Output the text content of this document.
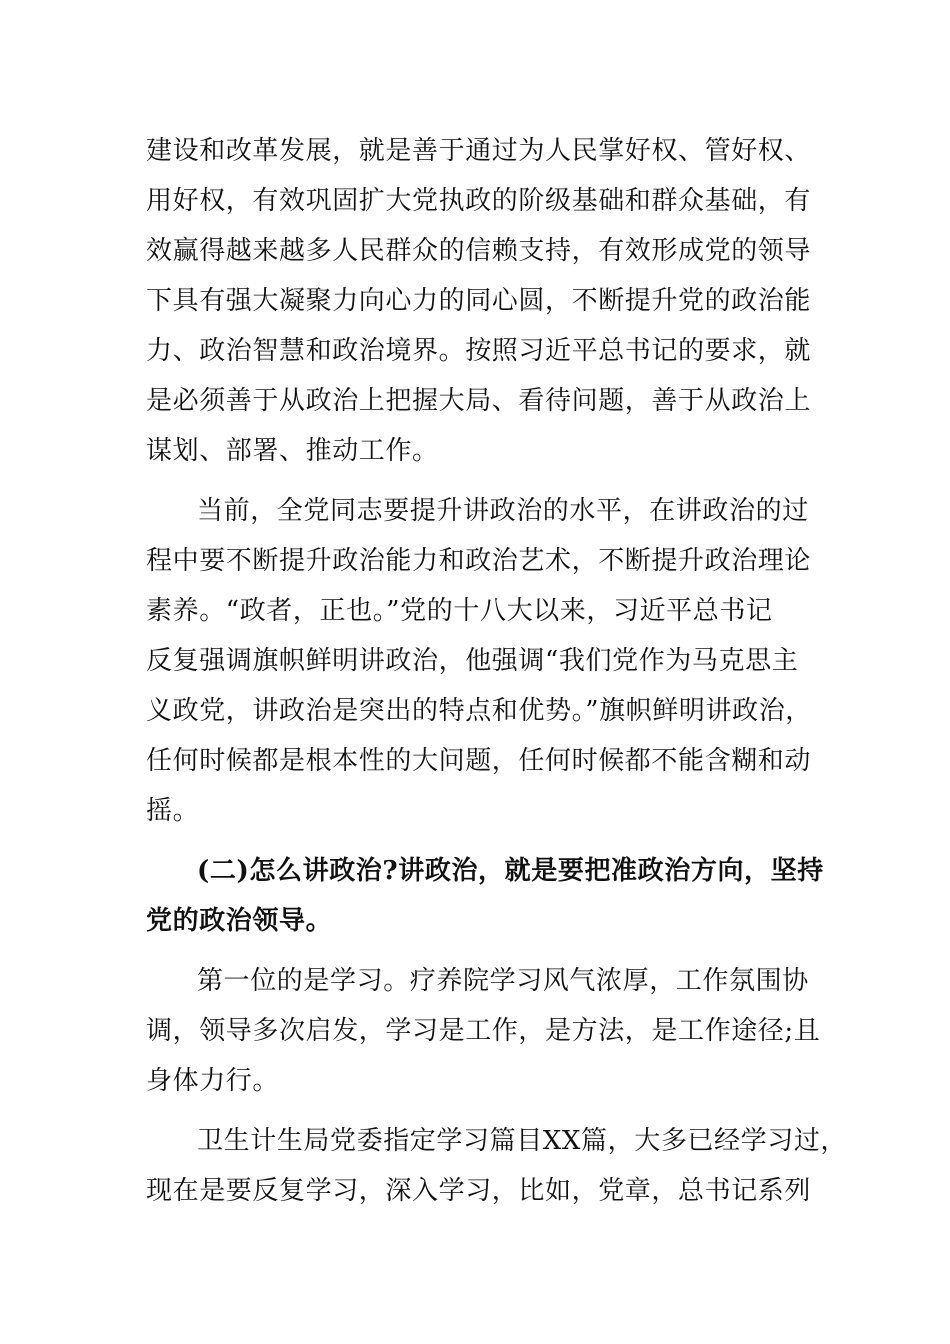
建设和改革发展，就是善于通过为人民掌好权、管好权、
用好权，有效巩固扩大党执政的阶级基础和群众基础，有
效赢得越来越多人民群众的信赖支持，有效形成党的领导
下具有强大凝聚力向心力的同心圆，不断提升党的政治能
力、政治智慧和政治境界。按照习近平总书记的要求，就
是必须善于从政治上把握大局、看待问题，善于从政治上
谋划、部署、推动工作。
当前，全党同志要提升讲政治的水平，在讲政治的过
程中要不断提升政治能力和政治艺术，不断提升政治理论
素养。“政者，正也。”党的十八大以来，习近平总书记
反复强调旗帜鲜明讲政治，他强调“我们党作为马克思主
义政党，讲政治是突出的特点和优势。”旗帜鲜明讲政治，
任何时候都是根本性的大问题，任何时候都不能含糊和动
摇。
(二)怎么讲政治?讲政治，就是要把准政治方向，坚持
党的政治领导。
第一位的是学习。疗养院学习风气浓厚，工作氛围协
调，领导多次启发，学习是工作，是方法，是工作途径;且
身体力行。
卫生计生局党委指定学习篇目XX篇，大多已经学习过，
现在是要反复学习，深入学习，比如，党章，总书记系列
